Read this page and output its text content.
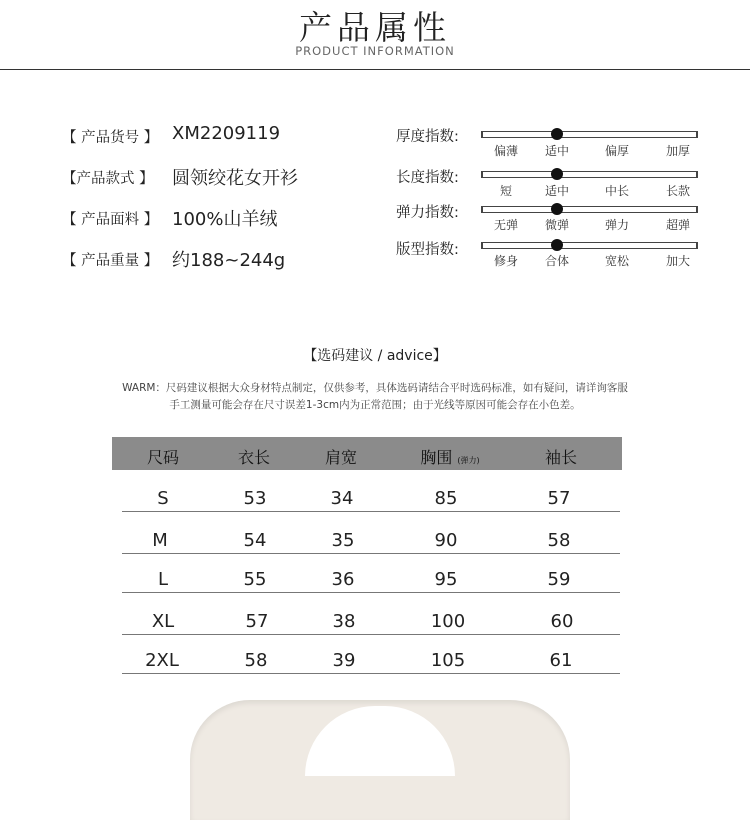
产品属性
PRODUCT INFORMATION
【 产品货号 】 XM2209119
【产品款式 】 圆领绞花女开衫
【 产品面料 】 100%山羊绒
【 产品重量 】 约188~244g
厚度指数:
偏薄 适中	偏厚	加厚
长度指数:
短	适中	中长	长款
弹力指数:
无弹 微弹	弹力	超弹
版型指数:
修身 合体	宽松	加大
【选码建议 / advice】
WARM：尺码建议根据大众身材特点制定，仅供参考，具体选码请结合平时选码标准，如有疑问，请详询客服
手工测量可能会存在尺寸误差1-3cm内为正常范围；由于光线等原因可能会存在小色差。
尺码	衣长	肩宽	胸围 (弹力)	袖长
S	53	34	85	57
M	54	35	90	58
L	55	36	95	59
XL	57	38	100	60
2XL	58	39	105	61
